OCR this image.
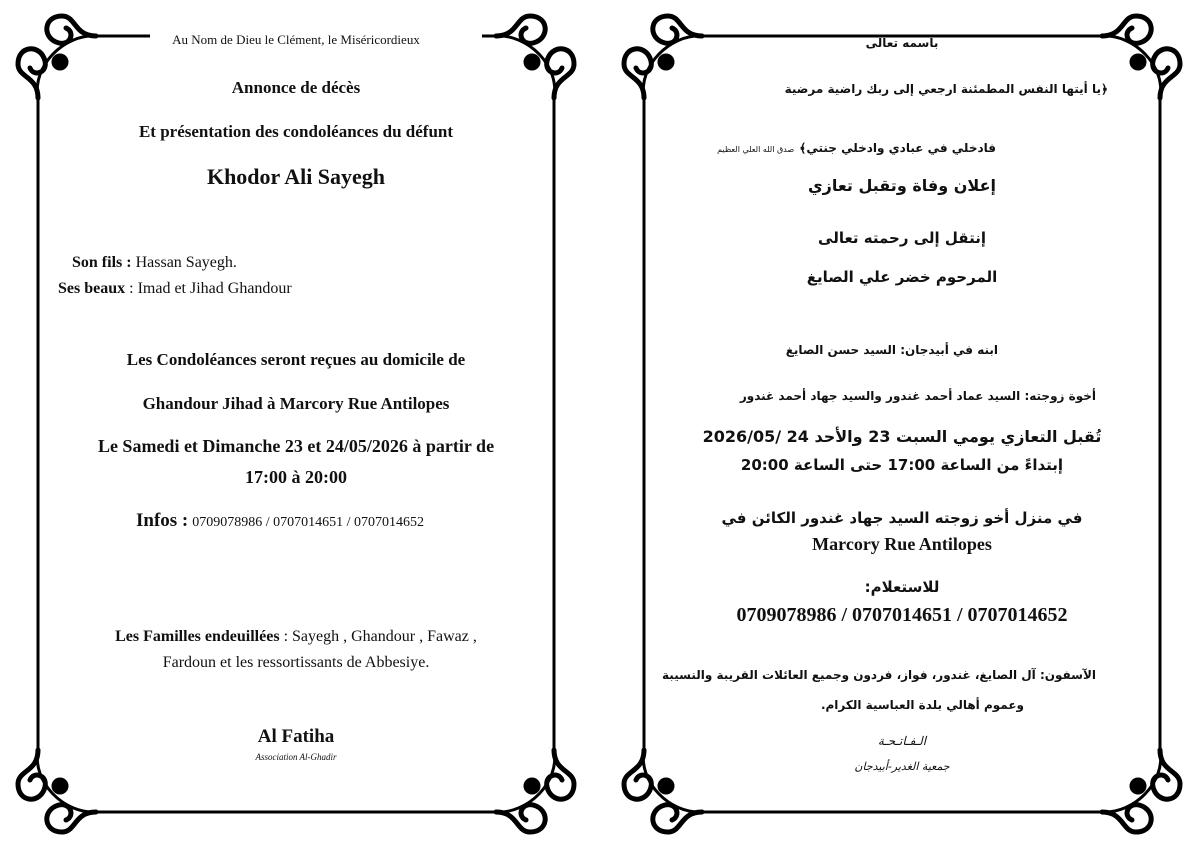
Au Nom de Dieu le Clément, le Miséricordieux
Annonce de décès
Et présentation des condoléances du défunt
Khodor Ali Sayegh
Son fils : Hassan Sayegh.
Ses beaux : Imad et Jihad Ghandour
Les Condoléances seront reçues au domicile de
Ghandour Jihad à Marcory Rue Antilopes
Le Samedi et Dimanche 23 et 24/05/2026 à partir de
17:00 à 20:00
Infos : 0709078986 / 0707014651 / 0707014652
Les Familles endeuillées : Sayegh , Ghandour , Fawaz ,
Fardoun et les ressortissants de Abbesiye.
Al Fatiha
Association Al-Ghadir
باسمه تعالى
﴿يا أيتها النفس المطمئنة ارجعي إلى ربك راضية مرضية
فادخلي في عبادي وادخلي جنتي﴾ صدق الله العلي العظيم
إعلان وفاة وتقبل تعازي
إنتقل إلى رحمته تعالى
المرحوم خضر علي الصايغ
ابنه في أبيدجان: السيد حسن الصايغ
أخوة زوجته: السيد عماد أحمد غندور والسيد جهاد أحمد غندور
تُقبل التعازي يومي السبت 23 والأحد 24 /2026/05
إبتداءً من الساعة 17:00 حتى الساعة 20:00
في منزل أخو زوجته السيد جهاد غندور الكائن في
Marcory Rue Antilopes
للاستعلام:
0709078986 / 0707014651 / 0707014652
الآسفون: آل الصايغ، غندور، فواز، فردون وجميع العائلات القريبة والنسيبة
وعموم أهالي بلدة العباسية الكرام.
الـفـاتـحـة
جمعية الغدير-أبيدجان
